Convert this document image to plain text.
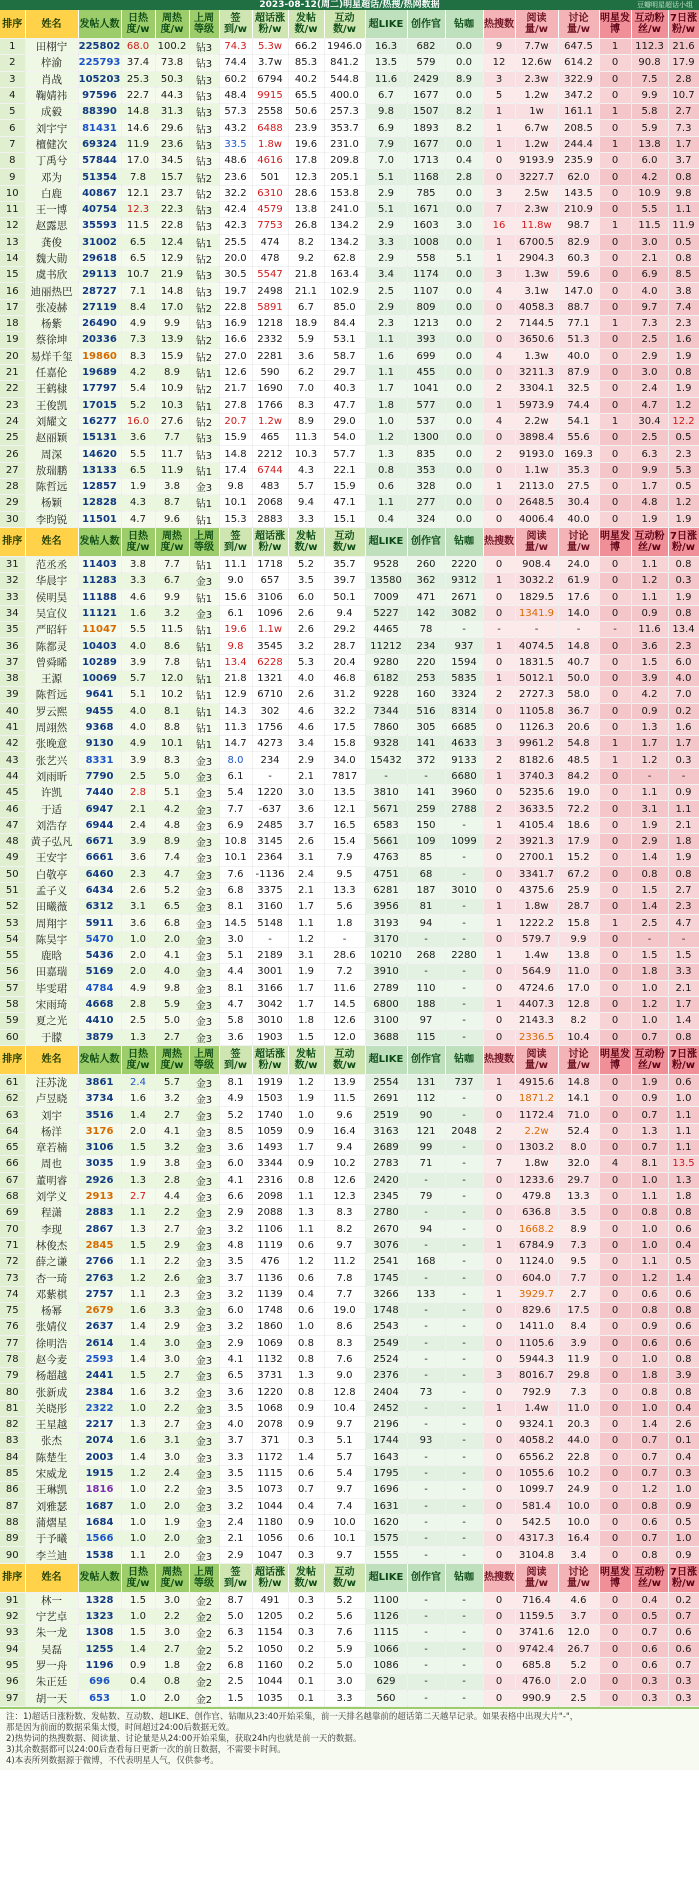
2023-08-12(周二)明星超话/热搜/热网数据	豆瓣明星超话小组
排序	姓名	发帖人数	日热度/w	周热度/w	上周等级	签到/w	超话涨粉/w	发帖数/w	互动数/w	超LIKE	创作官	钻咖	热搜数	阅读量/w	讨论量/w	明星发博	互动粉丝/w	7日涨粉/w
1	田栩宁	225802	68.0	100.2	钻3	74.3	5.3w	66.2	1946.0	16.3	682	0.0	9	7.7w	647.5	1	112.3	21.6
2	梓渝	225793	37.4	73.8	钻3	74.4	3.7w	85.3	841.2	13.5	579	0.0	12	12.6w	614.2	0	90.8	17.9
3	肖战	105203	25.3	50.3	钻3	60.2	6794	40.2	544.8	11.6	2429	8.9	3	2.3w	322.9	0	7.5	2.8
4	鞠婧祎	97596	22.7	44.3	钻3	48.4	9915	65.5	400.0	6.7	1677	0.0	5	1.2w	347.2	0	9.9	10.7
5	成毅	88390	14.8	31.3	钻3	57.3	2558	50.6	257.3	9.8	1507	8.2	1	1w	161.1	1	5.8	2.7
6	刘宇宁	81431	14.6	29.6	钻3	43.2	6488	23.9	353.7	6.9	1893	8.2	1	6.7w	208.5	0	5.9	7.3
7	檀健次	69324	11.9	23.6	钻3	33.5	1.8w	19.6	231.0	7.9	1677	0.0	1	1.2w	244.4	1	13.8	1.7
8	丁禹兮	57844	17.0	34.5	钻3	48.6	4616	17.8	209.8	7.0	1713	0.4	0	9193.9	235.9	0	6.0	3.7
9	邓为	51354	7.8	15.7	钻2	23.6	501	12.3	205.1	5.1	1168	2.8	0	3227.7	62.0	0	4.2	0.8
10	白鹿	40867	12.1	23.7	钻2	32.2	6310	28.6	153.8	2.9	785	0.0	3	2.5w	143.5	0	10.9	9.8
11	王一博	40754	12.3	22.3	钻3	42.4	4579	13.8	241.0	5.1	1671	0.0	7	2.3w	210.9	0	5.5	1.1
12	赵露思	35593	11.5	22.8	钻3	42.3	7753	26.8	134.2	2.9	1603	3.0	16	11.8w	98.7	1	11.5	11.9
13	龚俊	31002	6.5	12.4	钻1	25.5	474	8.2	134.2	3.3	1008	0.0	1	6700.5	82.9	0	3.0	0.5
14	魏大勋	29618	6.5	12.9	钻2	20.0	478	9.2	62.8	2.9	558	5.1	1	2904.3	60.3	0	2.1	0.8
15	虞书欣	29113	10.7	21.9	钻3	30.5	5547	21.8	163.4	3.4	1174	0.0	3	1.3w	59.6	0	6.9	8.5
16	迪丽热巴	28727	7.1	14.8	钻3	19.7	2498	21.1	102.9	2.5	1107	0.0	4	3.1w	147.0	0	4.0	3.8
17	张凌赫	27119	8.4	17.0	钻2	22.8	5891	6.7	85.0	2.9	809	0.0	0	4058.3	88.7	0	9.7	7.4
18	杨紫	26490	4.9	9.9	钻3	16.9	1218	18.9	84.4	2.3	1213	0.0	2	7144.5	77.1	1	7.3	2.3
19	蔡徐坤	20336	7.3	13.9	钻2	16.6	2332	5.9	53.1	1.1	393	0.0	0	3650.6	51.3	0	2.5	1.6
20	易烊千玺	19860	8.3	15.9	钻2	27.0	2281	3.6	58.7	1.6	699	0.0	4	1.3w	40.0	0	2.9	1.9
21	任嘉伦	19689	4.2	8.9	钻1	12.6	590	6.2	29.7	1.1	455	0.0	0	3211.3	87.9	0	3.0	0.8
22	王鹤棣	17797	5.4	10.9	钻2	21.7	1690	7.0	40.3	1.7	1041	0.0	2	3304.1	32.5	0	2.4	1.9
23	王俊凯	17015	5.2	10.3	钻1	27.8	1766	8.3	47.7	1.8	577	0.0	1	5973.9	74.4	0	4.7	1.2
24	刘耀文	16277	16.0	27.6	钻2	20.7	1.2w	8.9	29.0	1.0	537	0.0	4	2.2w	54.1	1	30.4	12.2
25	赵丽颖	15131	3.6	7.7	钻3	15.9	465	11.3	54.0	1.2	1300	0.0	0	3898.4	55.6	0	2.5	0.5
26	周深	14620	5.5	11.7	钻3	14.8	2212	10.3	57.7	1.3	835	0.0	2	9193.0	169.3	0	6.3	2.3
27	敖瑞鹏	13133	6.5	11.9	钻1	17.4	6744	4.3	22.1	0.8	353	0.0	0	1.1w	35.3	0	9.9	5.3
28	陈哲远	12857	1.9	3.8	金3	9.8	483	5.7	15.9	0.6	328	0.0	1	2113.0	27.5	0	1.7	0.5
29	杨颖	12828	4.3	8.7	钻1	10.1	2068	9.4	47.1	1.1	277	0.0	0	2648.5	30.4	0	4.8	1.2
30	李昀锐	11501	4.7	9.6	钻1	15.3	2883	3.3	15.1	0.4	324	0.0	0	4006.4	40.0	0	1.9	1.9
排序	姓名	发帖人数	日热度/w	周热度/w	上周等级	签到/w	超话涨粉/w	发帖数/w	互动数/w	超LIKE	创作官	钻咖	热搜数	阅读量/w	讨论量/w	明星发博	互动粉丝/w	7日涨粉/w
31	范丞丞	11403	3.8	7.7	钻1	11.1	1718	5.2	35.7	9528	260	2220	0	908.4	24.0	0	1.1	0.8
32	华晨宇	11283	3.3	6.7	金3	9.0	657	3.5	39.7	13580	362	9312	1	3032.2	61.9	0	1.2	0.3
33	侯明昊	11188	4.6	9.9	钻1	15.6	3106	6.0	50.1	7009	471	2671	0	1829.5	17.6	0	1.1	1.9
34	吴宣仪	11121	1.6	3.2	金3	6.1	1096	2.6	9.4	5227	142	3082	0	1341.9	14.0	0	0.9	0.8
35	严昭轩	11047	5.5	11.5	钻1	19.6	1.1w	2.6	29.2	4465	78	-	-	-	-	-	11.6	13.4
36	陈都灵	10403	4.0	8.6	钻1	9.8	3545	3.2	28.7	11212	234	937	1	4074.5	14.8	0	3.6	2.3
37	曾舜晞	10289	3.9	7.8	钻1	13.4	6228	5.3	20.4	9280	220	1594	0	1831.5	40.7	0	1.5	6.0
38	王源	10069	5.7	12.0	钻1	21.8	1321	4.0	46.8	6182	253	5835	1	5012.1	50.0	0	3.9	4.0
39	陈哲远	9641	5.1	10.2	钻1	12.9	6710	2.6	31.2	9228	160	3324	2	2727.3	58.0	0	4.2	7.0
40	罗云熙	9455	4.0	8.1	钻1	14.3	302	4.6	32.2	7344	516	8314	0	1105.8	36.7	0	0.9	0.2
41	周翊然	9368	4.0	8.8	钻1	11.3	1756	4.6	17.5	7860	305	6685	0	1126.3	20.6	0	1.3	1.6
42	张晚意	9130	4.9	10.1	钻1	14.7	4273	3.4	15.8	9328	141	4633	3	9961.2	54.8	1	1.7	1.7
43	张艺兴	8331	3.9	8.3	金3	8.0	234	2.9	34.0	15432	372	9133	2	8182.6	48.5	1	1.2	0.3
44	刘雨昕	7790	2.5	5.0	金3	6.1	-	2.1	7817	-	-	6680	1	3740.3	84.2	0	-	-
45	许凯	7440	2.8	5.1	金3	5.4	1220	3.0	13.5	3810	141	3960	0	5235.6	19.0	0	1.1	0.9
46	于适	6947	2.1	4.2	金3	7.7	-637	3.6	12.1	5671	259	2788	2	3633.5	72.2	0	3.1	1.1
47	刘浩存	6944	2.4	4.8	金3	6.9	2485	3.7	16.5	6583	150	-	1	4105.4	18.6	0	1.9	2.1
48	黄子弘凡	6671	3.9	8.9	金3	10.8	3145	2.6	15.4	5661	109	1099	2	3921.3	17.9	0	2.9	1.8
49	王安宇	6661	3.6	7.4	金3	10.1	2364	3.1	7.9	4763	85	-	0	2700.1	15.2	0	1.4	1.9
50	白敬亭	6460	2.3	4.7	金3	7.6	-1136	2.4	9.5	4751	68	-	0	3341.7	67.2	0	0.8	0.8
51	孟子义	6434	2.6	5.2	金3	6.8	3375	2.1	13.3	6281	187	3010	0	4375.6	25.9	0	1.5	2.7
52	田曦薇	6312	3.1	6.5	金3	8.1	3160	1.7	5.6	3956	81	-	1	1.8w	28.7	0	1.4	2.3
53	周翔宇	5911	3.6	6.8	金3	14.5	5148	1.1	1.8	3193	94	-	1	1222.2	15.8	1	2.5	4.7
54	陈昊宇	5470	1.0	2.0	金3	3.0	-	1.2	-	3170	-	-	0	579.7	9.9	0	-	-
55	鹿晗	5436	2.0	4.1	金3	5.1	2189	3.1	28.6	10210	268	2280	1	1.4w	13.8	0	1.5	1.5
56	田嘉瑞	5169	2.0	4.0	金3	4.4	3001	1.9	7.2	3910	-	-	0	564.9	11.0	0	1.8	3.3
57	毕雯珺	4784	4.9	9.8	金3	8.1	3166	1.7	11.6	2789	110	-	0	4724.6	17.0	0	1.0	2.1
58	宋雨琦	4668	2.8	5.9	金3	4.7	3042	1.7	14.5	6800	188	-	1	4407.3	12.8	0	1.2	1.7
59	夏之光	4410	2.5	5.0	金3	5.8	3010	1.8	12.6	3100	97	-	0	2143.3	8.2	0	1.0	1.4
60	于朦	3879	1.3	2.7	金3	3.6	1903	1.5	12.0	3688	115	-	0	2336.5	10.4	0	0.7	0.8
排序	姓名	发帖人数	日热度/w	周热度/w	上周等级	签到/w	超话涨粉/w	发帖数/w	互动数/w	超LIKE	创作官	钻咖	热搜数	阅读量/w	讨论量/w	明星发博	互动粉丝/w	7日涨粉/w
61	汪苏泷	3861	2.4	5.7	金3	8.1	1919	1.2	13.9	2554	131	737	1	4915.6	14.8	0	1.9	0.6
62	卢昱晓	3734	1.6	3.2	金3	4.9	1503	1.9	11.5	2691	112	-	0	1871.2	14.1	0	0.9	1.0
63	刘宇	3516	1.4	2.7	金3	5.2	1740	1.0	9.6	2519	90	-	0	1172.4	71.0	0	0.7	1.1
64	杨洋	3176	2.0	4.1	金3	8.5	1059	0.9	16.4	3163	121	2048	2	2.2w	52.4	0	1.3	1.1
65	章若楠	3106	1.5	3.2	金3	3.6	1493	1.7	9.4	2689	99	-	0	1303.2	8.0	0	0.7	1.1
66	周也	3035	1.9	3.8	金3	6.0	3344	0.9	10.2	2783	71	-	7	1.8w	32.0	4	8.1	13.5
67	董明睿	2926	1.3	2.8	金3	4.1	2316	0.8	12.6	2420	-	-	0	1233.6	29.7	0	1.0	1.3
68	刘学义	2913	2.7	4.4	金3	6.6	2098	1.1	12.3	2345	79	-	0	479.8	13.3	0	1.1	1.8
69	程潇	2883	1.1	2.2	金3	2.9	2088	1.3	8.3	2780	-	-	0	636.8	3.5	0	0.8	0.8
70	李现	2867	1.3	2.7	金3	3.2	1106	1.1	8.2	2670	94	-	0	1668.2	8.9	0	1.0	0.6
71	林俊杰	2845	1.5	2.9	金3	4.8	1119	0.6	9.7	3076	-	-	1	6784.9	7.3	0	1.0	0.4
72	薛之谦	2766	1.1	2.2	金3	3.5	476	1.2	11.2	2541	168	-	0	1124.0	9.5	0	1.1	0.5
73	杏一琦	2763	1.2	2.6	金3	3.7	1136	0.6	7.8	1745	-	-	0	604.0	7.7	0	1.2	1.4
74	邓紫棋	2757	1.1	2.3	金3	3.2	1139	0.4	7.7	3266	133	-	1	3929.7	2.7	0	0.6	0.6
75	杨幂	2679	1.6	3.3	金3	6.0	1748	0.6	19.0	1748	-	-	0	829.6	17.5	0	0.8	0.8
76	张婧仪	2637	1.4	2.9	金3	3.2	1860	1.0	8.6	2543	-	-	0	1411.0	8.4	0	0.9	0.6
77	徐明浩	2614	1.4	3.0	金3	2.9	1069	0.8	8.3	2549	-	-	0	1105.6	3.9	0	0.6	0.6
78	赵今麦	2593	1.4	3.0	金3	4.1	1132	0.8	7.6	2524	-	-	0	5944.3	11.9	0	1.0	0.8
79	杨超越	2441	1.5	2.7	金3	6.5	3731	1.3	9.0	2376	-	-	3	8016.7	29.8	0	1.8	3.9
80	张新成	2384	1.6	3.2	金3	3.6	1220	0.8	12.8	2404	73	-	0	792.9	7.3	0	0.8	0.8
81	关晓彤	2322	1.0	2.2	金3	3.5	1068	0.9	10.4	2452	-	-	1	1.4w	11.0	0	1.0	0.4
82	王星越	2217	1.3	2.7	金3	4.0	2078	0.9	9.7	2196	-	-	0	9324.1	20.3	0	1.4	2.6
83	张杰	2074	1.6	3.1	金3	3.7	371	0.3	5.1	1744	93	-	0	4058.2	44.0	0	0.7	0.1
84	陈楚生	2003	1.4	3.0	金3	3.3	1172	1.4	5.7	1643	-	-	0	6556.2	22.8	0	0.7	0.4
85	宋威龙	1915	1.2	2.4	金3	3.5	1115	0.6	5.4	1795	-	-	0	1055.6	10.2	0	0.7	0.3
86	王琳凯	1816	1.0	2.2	金3	3.5	1073	0.7	9.7	1696	-	-	0	1099.7	24.9	0	1.2	1.0
87	刘雅瑟	1687	1.0	2.0	金3	3.2	1044	0.4	7.4	1631	-	-	0	581.4	10.0	0	0.8	0.9
88	蒲熠星	1684	1.0	1.9	金3	2.4	1180	0.9	10.0	1620	-	-	0	542.5	10.0	0	0.6	0.5
89	于予曦	1566	1.0	2.0	金3	2.1	1056	0.6	10.1	1575	-	-	0	4317.3	16.4	0	0.7	1.0
90	李兰迪	1538	1.1	2.0	金3	2.9	1047	0.3	9.7	1555	-	-	0	3104.8	3.4	0	0.8	0.9
排序	姓名	发帖人数	日热度/w	周热度/w	上周等级	签到/w	超话涨粉/w	发帖数/w	互动数/w	超LIKE	创作官	钻咖	热搜数	阅读量/w	讨论量/w	明星发博	互动粉丝/w	7日涨粉/w
91	林一	1328	1.5	3.0	金2	8.7	491	0.3	5.2	1100	-	-	0	716.4	4.6	0	0.4	0.2
92	宁艺卓	1323	1.0	2.2	金2	5.0	1205	0.2	5.6	1126	-	-	0	1159.5	3.7	0	0.5	0.7
93	朱一龙	1308	1.5	3.0	金2	6.3	1154	0.3	7.6	1115	-	-	0	3741.6	12.0	0	0.7	0.6
94	吴磊	1255	1.4	2.7	金2	5.2	1050	0.2	5.9	1066	-	-	0	9742.4	26.7	0	0.6	0.6
95	罗一舟	1196	0.9	1.8	金2	6.8	1160	0.2	5.0	1086	-	-	0	685.8	5.2	0	0.6	0.7
96	朱正廷	696	0.4	0.8	金2	2.5	1044	0.1	3.0	629	-	-	0	476.0	2.0	0	0.3	0.3
97	胡一天	653	1.0	2.0	金2	1.5	1035	0.1	3.3	560	-	-	0	990.9	2.5	0	0.3	0.3

注：1)超话日涨粉数、发帖数、互动数、超LIKE、创作官、钻咖从23:40开始采集，前一天排名越靠前的超话第二天越早记录。如果表格中出现大片"-"，

那是因为前面的数据采集太慢，时间超过24:00后数据无效。

2)热势词的热搜数据、阅读量、讨论量是从24:00开始采集，获取24h内也就是前一天的数据。

3)其余数据都可以24:00后查看每日更新一次的前日数据，不需要卡时间。

4)本表所列数据源于微博，不代表明星人气，仅供参考。
